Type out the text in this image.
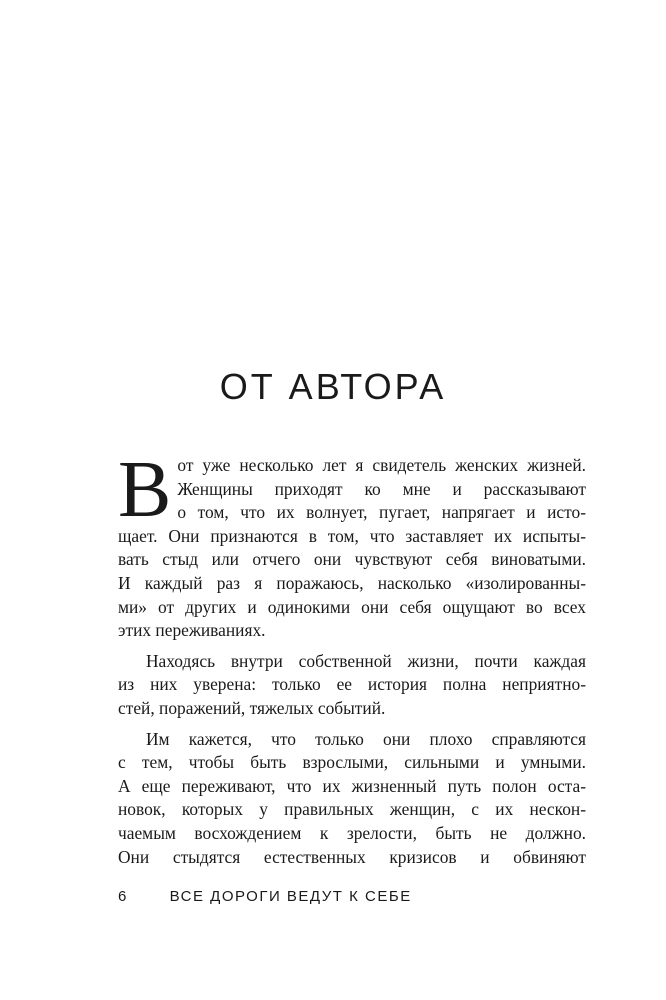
ОТ АВТОРА
В от уже несколько лет я свидетель женских жизней.
Женщины приходят ко мне и рассказывают
о том, что их волнует, пугает, напрягает и исто-
щает. Они признаются в том, что заставляет их испыты-
вать стыд или отчего они чувствуют себя виноватыми.
И каждый раз я поражаюсь, насколько «изолированны-
ми» от других и одинокими они себя ощущают во всех
этих переживаниях.
Находясь внутри собственной жизни, почти каждая
из них уверена: только ее история полна неприятно-
стей, поражений, тяжелых событий.
Им кажется, что только они плохо справляются
с тем, чтобы быть взрослыми, сильными и умными.
А еще переживают, что их жизненный путь полон оста-
новок, которых у правильных женщин, с их нескон-
чаемым восхождением к зрелости, быть не должно.
Они стыдятся естественных кризисов и обвиняют
6	ВСЕ ДОРОГИ ВЕДУТ К СЕБЕ
